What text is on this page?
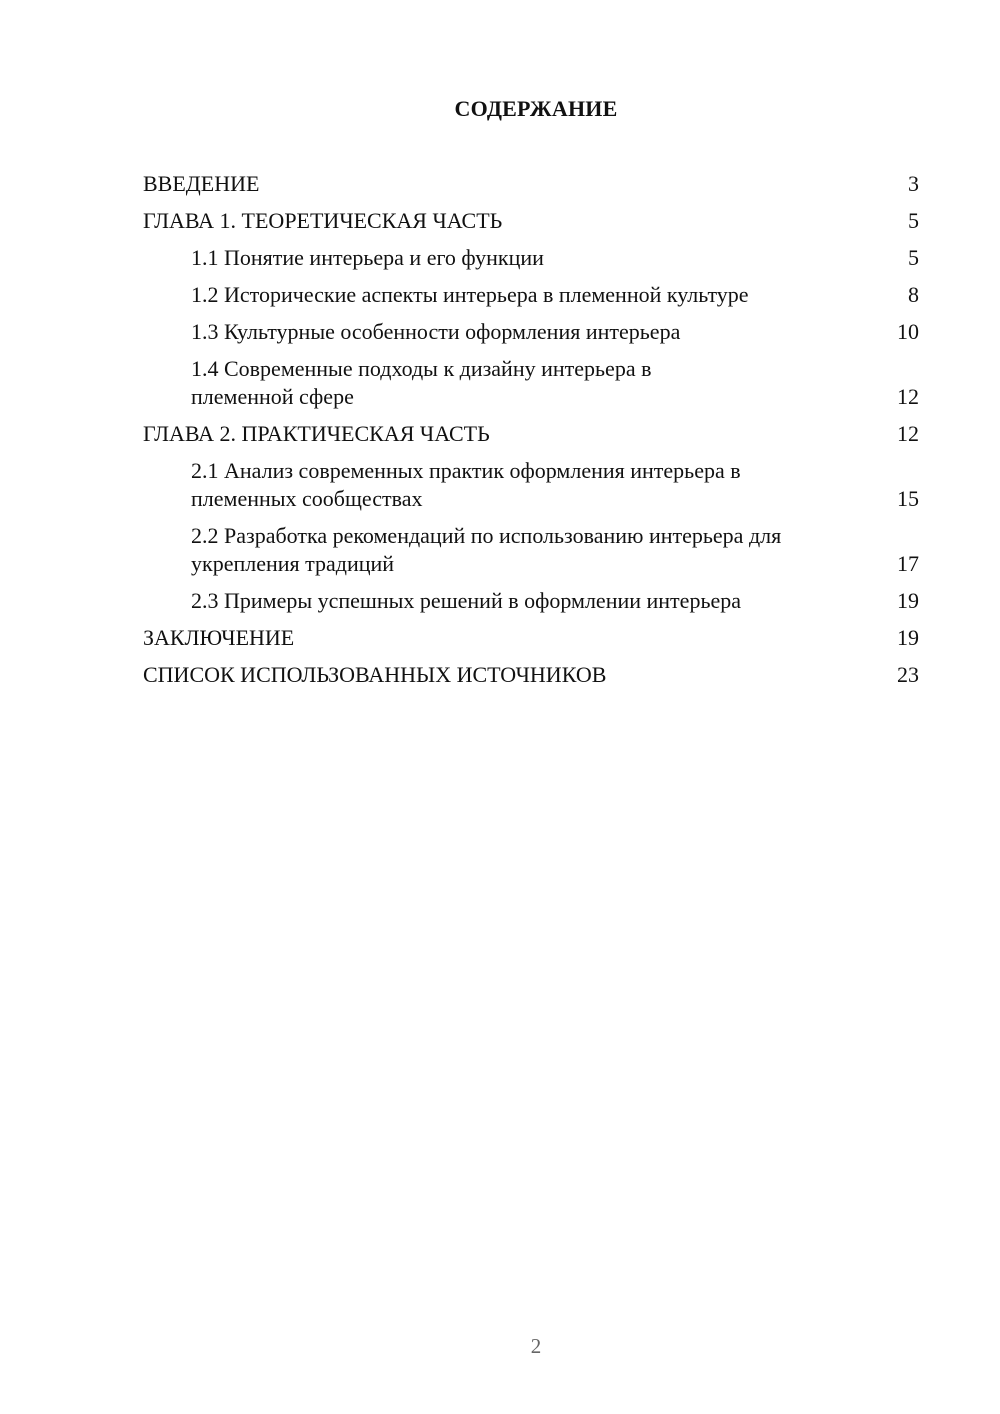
СОДЕРЖАНИЕ
ВВЕДЕНИЕ	3
ГЛАВА 1. ТЕОРЕТИЧЕСКАЯ ЧАСТЬ	5
1.1 Понятие интерьера и его функции	5
1.2 Исторические аспекты интерьера в племенной культуре	8
1.3 Культурные особенности оформления интерьера	10
1.4 Современные подходы к дизайну интерьера в племенной сфере	12
ГЛАВА 2. ПРАКТИЧЕСКАЯ ЧАСТЬ	12
2.1 Анализ современных практик оформления интерьера в племенных сообществах	15
2.2 Разработка рекомендаций по использованию интерьера для укрепления традиций	17
2.3 Примеры успешных решений в оформлении интерьера	19
ЗАКЛЮЧЕНИЕ	19
СПИСОК ИСПОЛЬЗОВАННЫХ ИСТОЧНИКОВ	23
2
